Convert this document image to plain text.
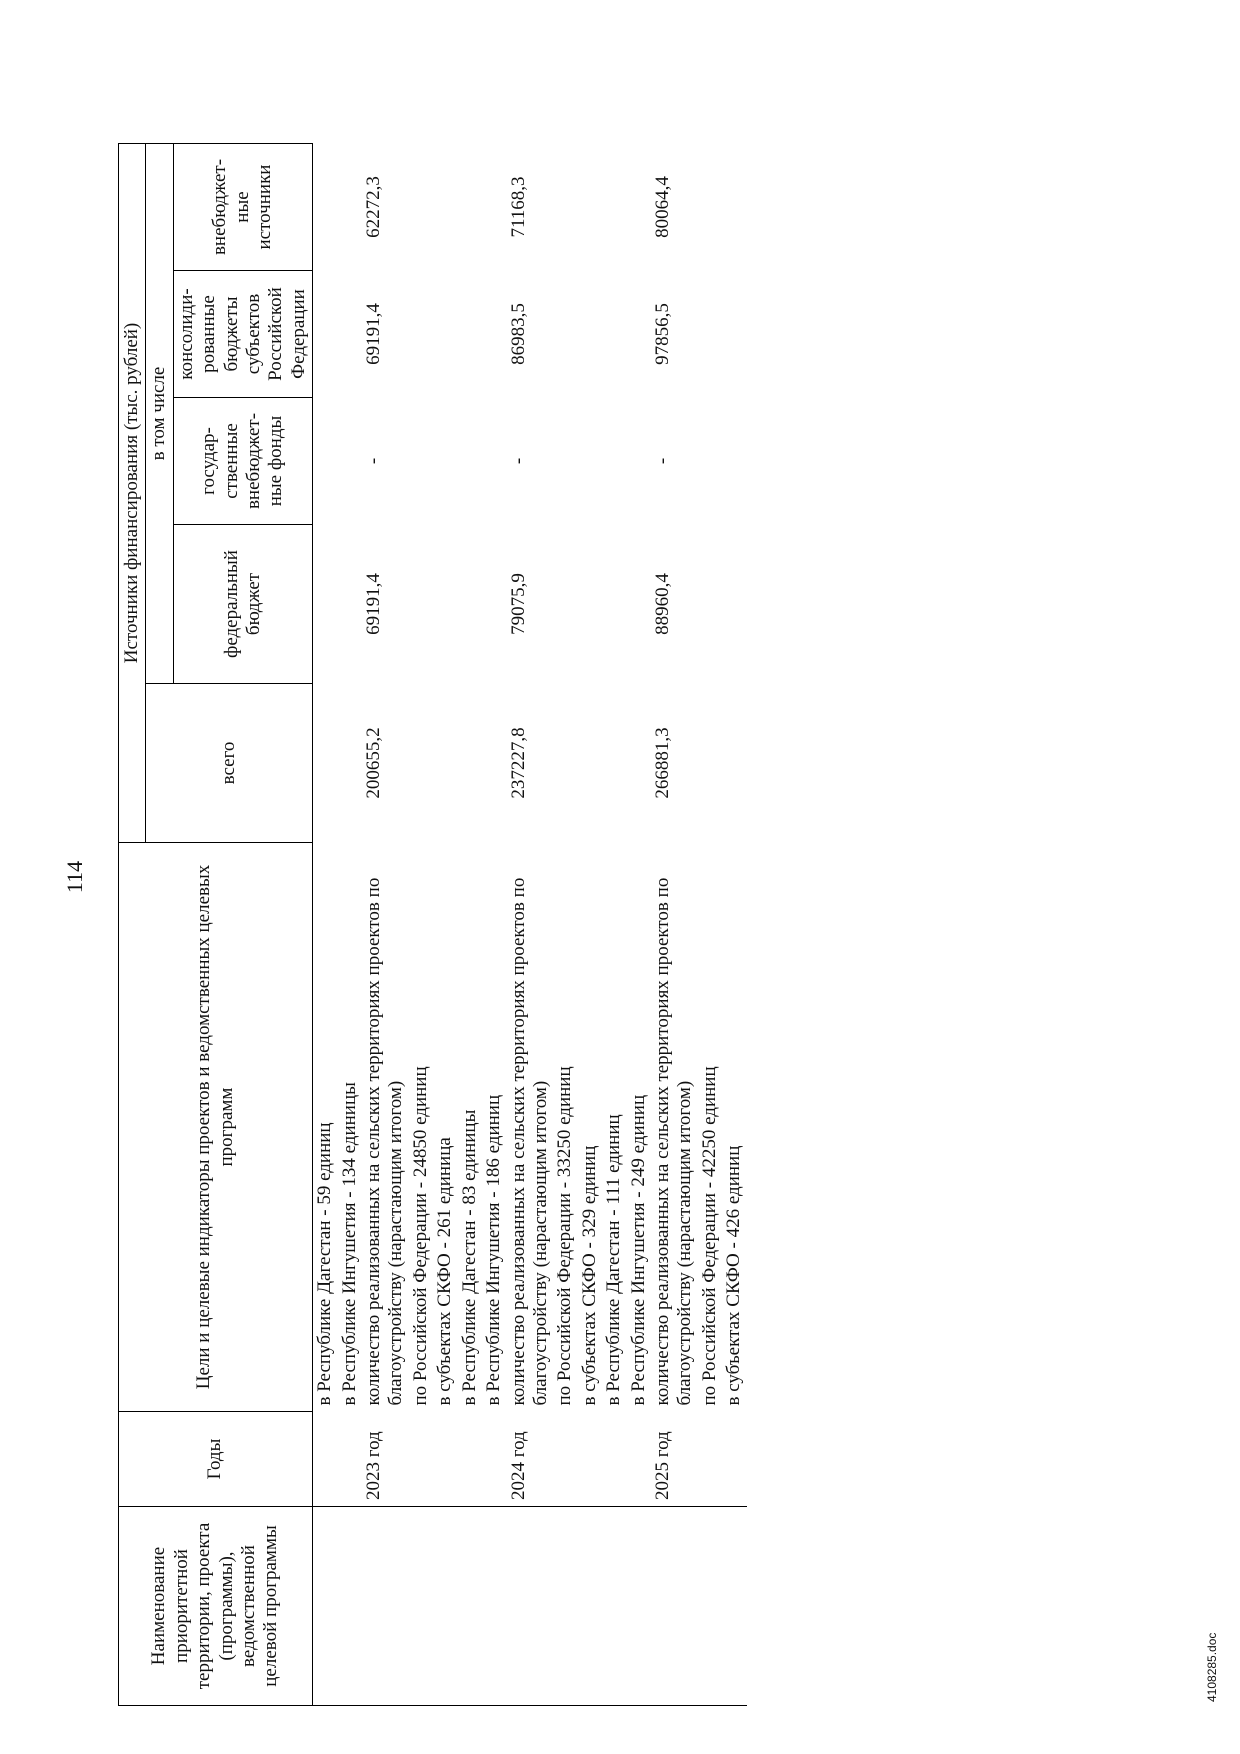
114
Наименование приоритетной территории, проекта (программы), ведомственной целевой программы	Годы	Цели и целевые индикаторы проектов и ведомственных целевых программ	Источники финансирования (тыс. рублей)				
			всего	в том числе			
				федеральный бюджет	государ-ственные внебюджет-ные фонды	консолиди-рованные бюджеты субъектов Российской Федерации	внебюджет-ные источники
		в Республике Дагестан - 59 единиц					
		в Республике Ингушетия - 134 единицы					
	2023 год	количество реализованных на сельских территориях проектов по благоустройству (нарастающим итогом)	200655,2	69191,4	-	69191,4	62272,3
		по Российской Федерации - 24850 единиц					
		в субъектах СКФО - 261 единица					
		в Республике Дагестан - 83 единицы					
		в Республике Ингушетия - 186 единиц					
	2024 год	количество реализованных на сельских территориях проектов по благоустройству (нарастающим итогом)	237227,8	79075,9	-	86983,5	71168,3
		по Российской Федерации - 33250 единиц					
		в субъектах СКФО - 329 единиц					
		в Республике Дагестан - 111 единиц					
		в Республике Ингушетия - 249 единиц					
	2025 год	количество реализованных на сельских территориях проектов по благоустройству (нарастающим итогом)	266881,3	88960,4	-	97856,5	80064,4
		по Российской Федерации - 42250 единиц					
		в субъектах СКФО - 426 единиц					
4108285.doc
